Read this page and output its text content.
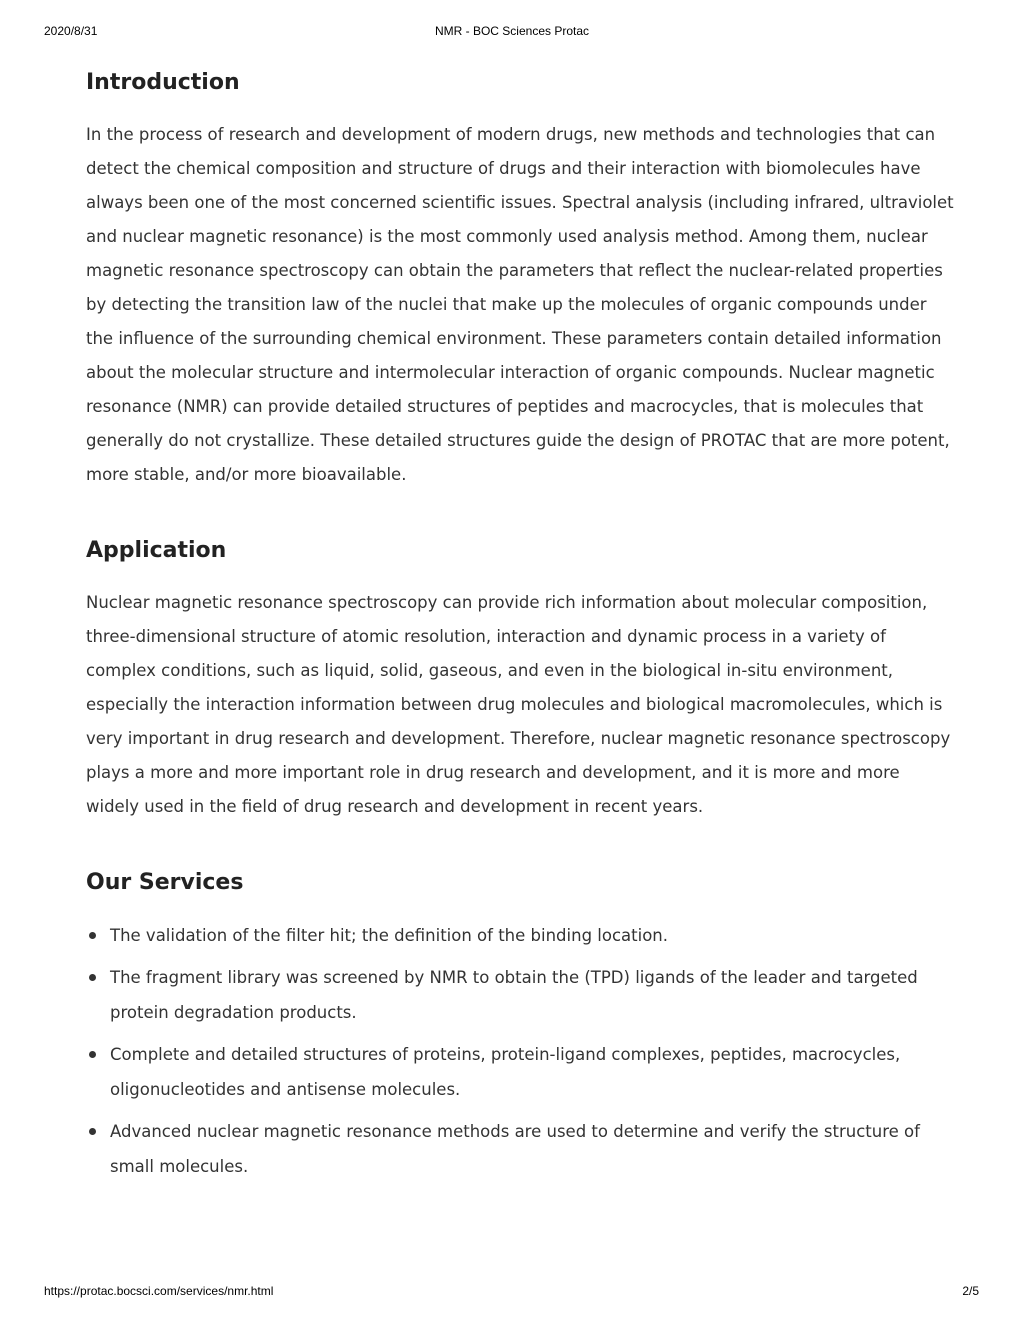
2020/8/31	NMR - BOC Sciences Protac
Introduction

In the process of research and development of modern drugs, new methods and technologies that can detect the chemical composition and structure of drugs and their interaction with biomolecules have always been one of the most concerned scientific issues. Spectral analysis (including infrared, ultraviolet and nuclear magnetic resonance) is the most commonly used analysis method. Among them, nuclear magnetic resonance spectroscopy can obtain the parameters that reflect the nuclear-related properties by detecting the transition law of the nuclei that make up the molecules of organic compounds under the influence of the surrounding chemical environment. These parameters contain detailed information about the molecular structure and intermolecular interaction of organic compounds. Nuclear magnetic resonance (NMR) can provide detailed structures of peptides and macrocycles, that is molecules that generally do not crystallize. These detailed structures guide the design of PROTAC that are more potent, more stable, and/or more bioavailable.

Application

Nuclear magnetic resonance spectroscopy can provide rich information about molecular composition, three-dimensional structure of atomic resolution, interaction and dynamic process in a variety of complex conditions, such as liquid, solid, gaseous, and even in the biological in-situ environment, especially the interaction information between drug molecules and biological macromolecules, which is very important in drug research and development. Therefore, nuclear magnetic resonance spectroscopy plays a more and more important role in drug research and development, and it is more and more widely used in the field of drug research and development in recent years.

Our Services
The validation of the filter hit; the definition of the binding location.
The fragment library was screened by NMR to obtain the (TPD) ligands of the leader and targeted protein degradation products.
Complete and detailed structures of proteins, protein-ligand complexes, peptides, macrocycles, oligonucleotides and antisense molecules.
Advanced nuclear magnetic resonance methods are used to determine and verify the structure of small molecules.
https://protac.bocsci.com/services/nmr.html	2/5
